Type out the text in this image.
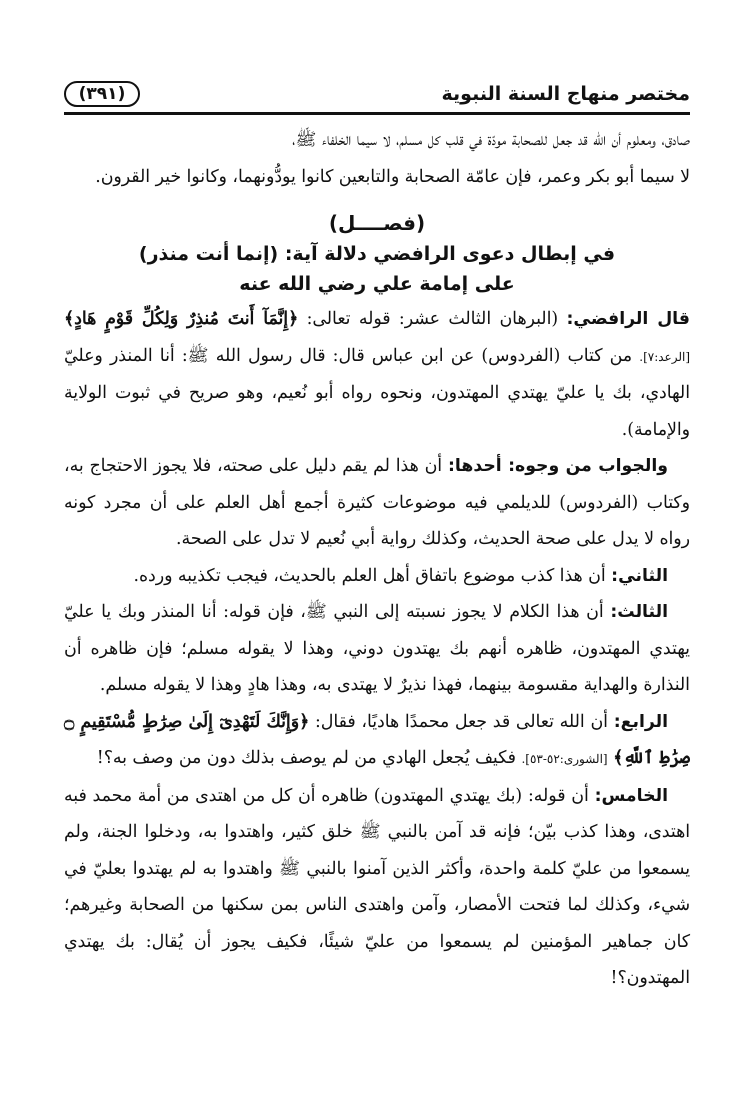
مختصر منهاج السنة النبوية
(٣٩١)

صادق، ومعلوم أن الله قد جعل للصحابة مودّة في قلب كل مسلم، لا سيما الخلفاء ﷺ،

لا سيما أبو بكر وعمر، فإن عامّة الصحابة والتابعين كانوا يودُّونهما، وكانوا خير القرون.

(فصــــل)
في إبطال دعوى الرافضي دلالة آية: (إنما أنت منذر)
على إمامة علي رضي الله عنه

قال الرافضي: (البرهان الثالث عشر: قوله تعالى: ﴿إِنَّمَآ أَنتَ مُنذِرٌ وَلِكُلِّ قَوْمٍ هَادٍ﴾ [الرعد:٧]. من كتاب (الفردوس) عن ابن عباس قال: قال رسول الله ﷺ: أنا المنذر وعليّ الهادي، بك يا عليّ يهتدي المهتدون، ونحوه رواه أبو نُعيم، وهو صريح في ثبوت الولاية والإمامة).

والجواب من وجوه: أحدها: أن هذا لم يقم دليل على صحته، فلا يجوز الاحتجاج به، وكتاب (الفردوس) للديلمي فيه موضوعات كثيرة أجمع أهل العلم على أن مجرد كونه رواه لا يدل على صحة الحديث، وكذلك رواية أبي نُعيم لا تدل على الصحة.

الثاني: أن هذا كذب موضوع باتفاق أهل العلم بالحديث، فيجب تكذيبه ورده.

الثالث: أن هذا الكلام لا يجوز نسبته إلى النبي ﷺ، فإن قوله: أنا المنذر وبك يا عليّ يهتدي المهتدون، ظاهره أنهم بك يهتدون دوني، وهذا لا يقوله مسلم؛ فإن ظاهره أن النذارة والهداية مقسومة بينهما، فهذا نذيرٌ لا يهتدى به، وهذا هادٍ وهذا لا يقوله مسلم.

الرابع: أن الله تعالى قد جعل محمدًا هاديًا، فقال: ﴿وَإِنَّكَ لَتَهْدِىٓ إِلَىٰ صِرَٰطٍ مُّسْتَقِيمٍ ۝ صِرَٰطِ ٱللَّهِ﴾ [الشورى:٥٢-٥٣]. فكيف يُجعل الهادي من لم يوصف بذلك دون من وصف به؟!

الخامس: أن قوله: (بك يهتدي المهتدون) ظاهره أن كل من اهتدى من أمة محمد فبه اهتدى، وهذا كذب بيّن؛ فإنه قد آمن بالنبي ﷺ خلق كثير، واهتدوا به، ودخلوا الجنة، ولم يسمعوا من عليّ كلمة واحدة، وأكثر الذين آمنوا بالنبي ﷺ واهتدوا به لم يهتدوا بعليّ في شيء، وكذلك لما فتحت الأمصار، وآمن واهتدى الناس بمن سكنها من الصحابة وغيرهم؛ كان جماهير المؤمنين لم يسمعوا من عليّ شيئًا، فكيف يجوز أن يُقال: بك يهتدي المهتدون؟!
